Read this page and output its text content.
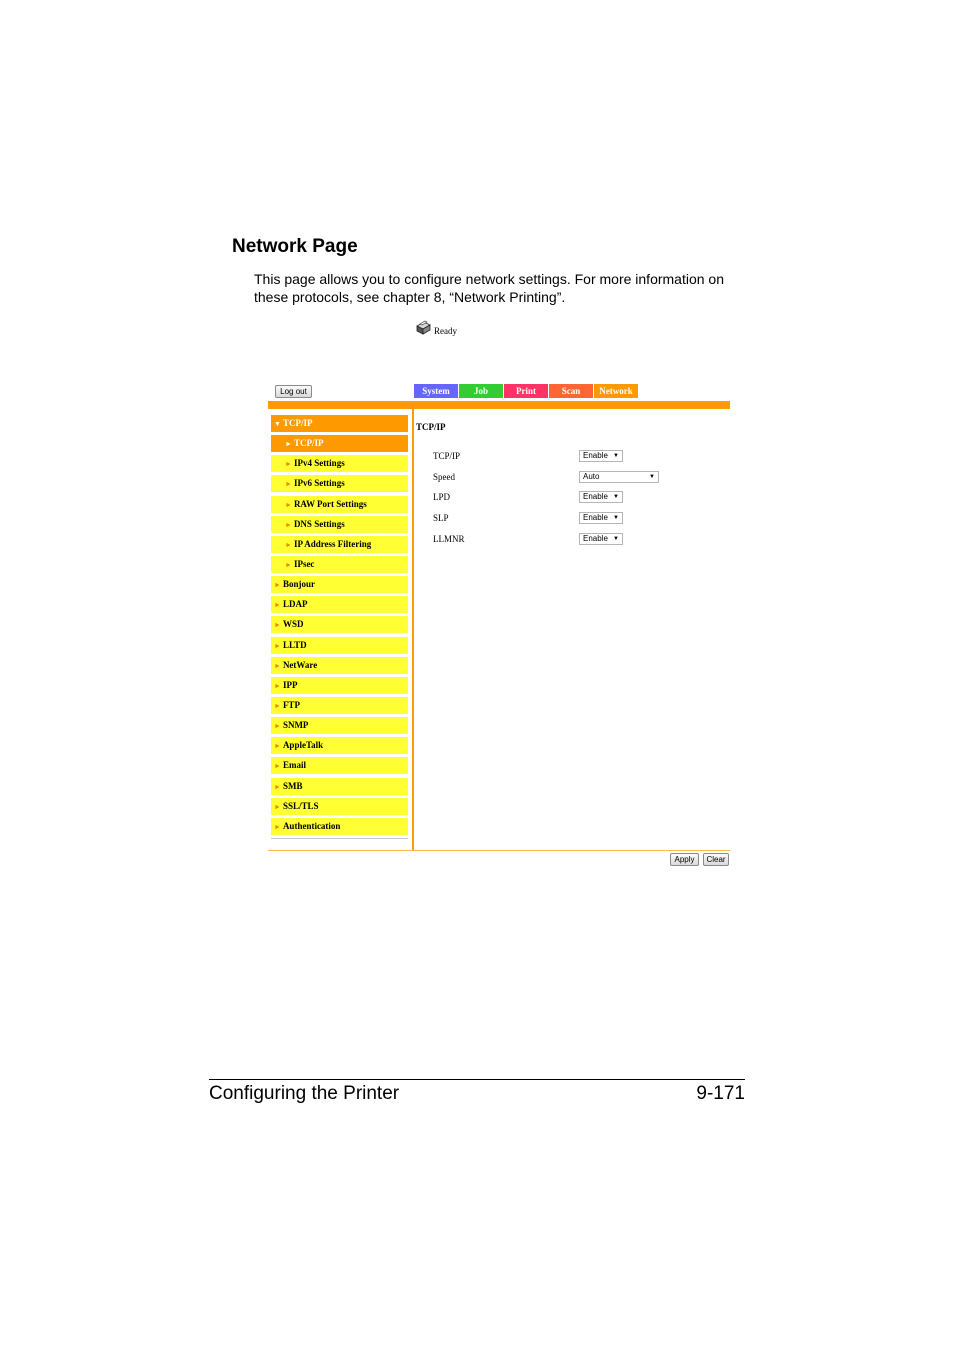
Network Page
This page allows you to configure network settings. For more information on these protocols, see chapter 8, “Network Printing”.
Ready
Log out	System	Job	Print	Scan	Network
▼ TCP/IP
► TCP/IP
► IPv4 Settings
► IPv6 Settings
► RAW Port Settings
► DNS Settings
► IP Address Filtering
► IPsec
► Bonjour
► LDAP
► WSD
► LLTD
► NetWare
► IPP
► FTP
► SNMP
► AppleTalk
► Email
► SMB
► SSL/TLS
► Authentication
TCP/IP
TCP/IP	Enable ▼
Speed	Auto	▼
LPD	Enable ▼
SLP	Enable ▼
LLMNR	Enable ▼
Apply	Clear
Configuring the Printer	9-171
